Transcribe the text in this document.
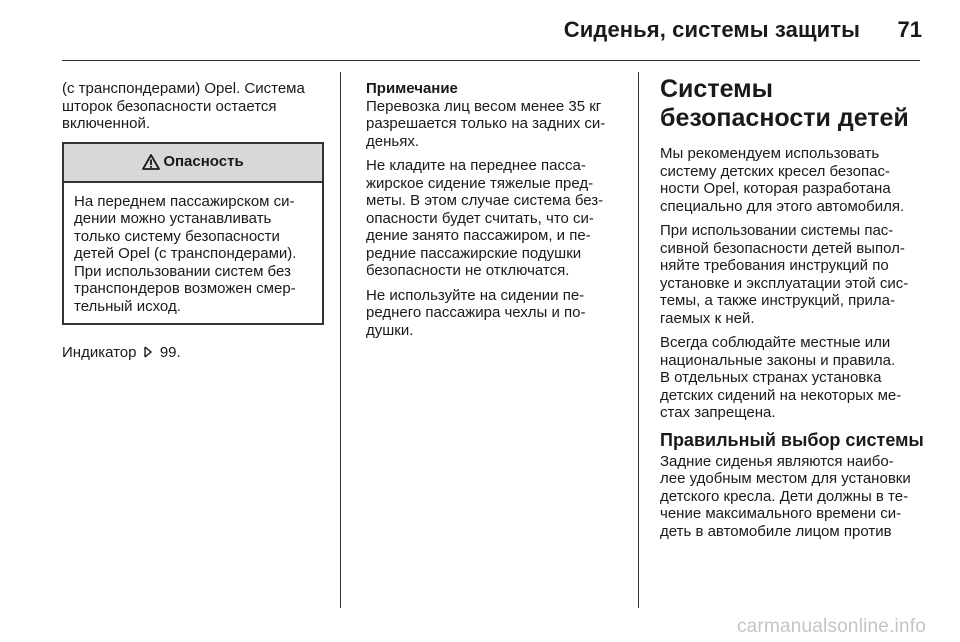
Сиденья, системы защиты 71
(с транспондерами) Opel. Система
шторок безопасности остается
включенной.
Опасность
На переднем пассажирском си-
дении можно устанавливать
только систему безопасности
детей Opel (с транспондерами).
При использовании систем без
транспондеров возможен смер-
тельный исход.
Индикатор 99.
Примечание
Перевозка лиц весом менее 35 кг
разрешается только на задних си-
деньях.
Не кладите на переднее пасса-
жирское сидение тяжелые пред-
меты. В этом случае система без-
опасности будет считать, что си-
дение занято пассажиром, и пе-
редние пассажирские подушки
безопасности не отключатся.
Не используйте на сидении пе-
реднего пассажира чехлы и по-
душки.
Системы
безопасности детей
Мы рекомендуем использовать
систему детских кресел безопас-
ности Opel, которая разработана
специально для этого автомобиля.
При использовании системы пас-
сивной безопасности детей выпол-
няйте требования инструкций по
установке и эксплуатации этой сис-
темы, а также инструкций, прила-
гаемых к ней.
Всегда соблюдайте местные или
национальные законы и правила.
В отдельных странах установка
детских сидений на некоторых ме-
стах запрещена.
Правильный выбор системы
Задние сиденья являются наибо-
лее удобным местом для установки
детского кресла. Дети должны в те-
чение максимального времени си-
деть в автомобиле лицом против
carmanualsonline.info
